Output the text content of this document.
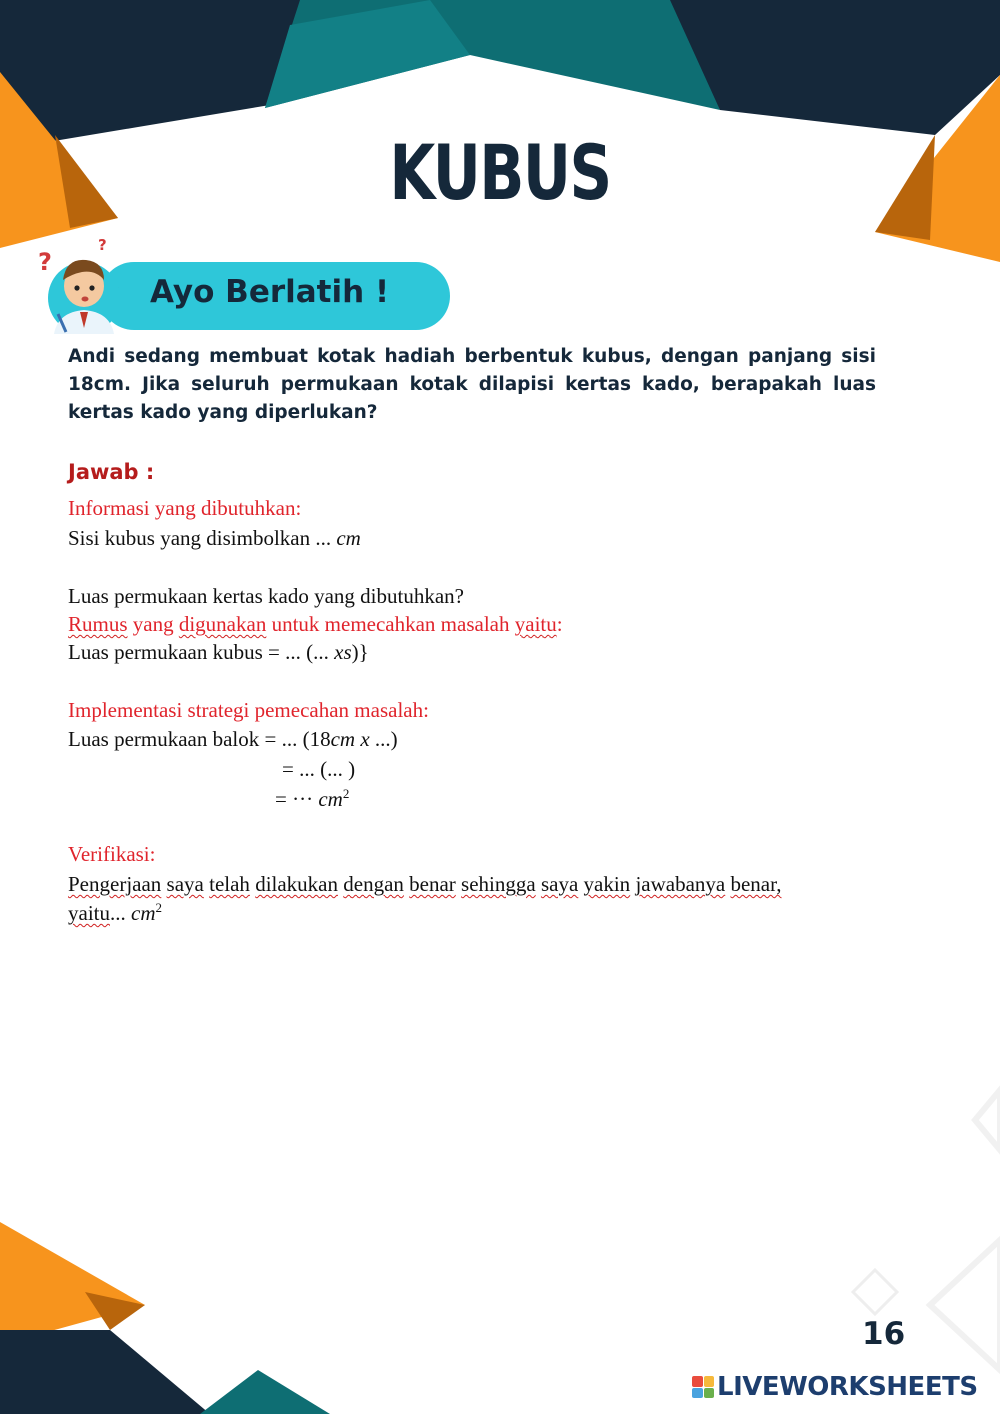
KUBUS
?
?
Ayo Berlatih !
Andi sedang membuat kotak hadiah berbentuk kubus, dengan panjang sisi 18cm. Jika seluruh permukaan kotak dilapisi kertas kado, berapakah luas kertas kado yang diperlukan?
Jawab :
Informasi yang dibutuhkan:
Sisi kubus yang disimbolkan ... cm
Luas permukaan kertas kado yang dibutuhkan?
Rumus yang digunakan untuk memecahkan masalah yaitu:
Luas permukaan kubus = ... (... xs)}
Implementasi strategi pemecahan masalah:
Luas permukaan balok = ... (18cm x ...)
= ... (... )
= ··· $cm^2$
Verifikasi:
Pengerjaan saya telah dilakukan dengan benar sehingga saya yakin jawabanya benar,
yaitu... $cm^2$
16
LIVEWORKSHEETS
